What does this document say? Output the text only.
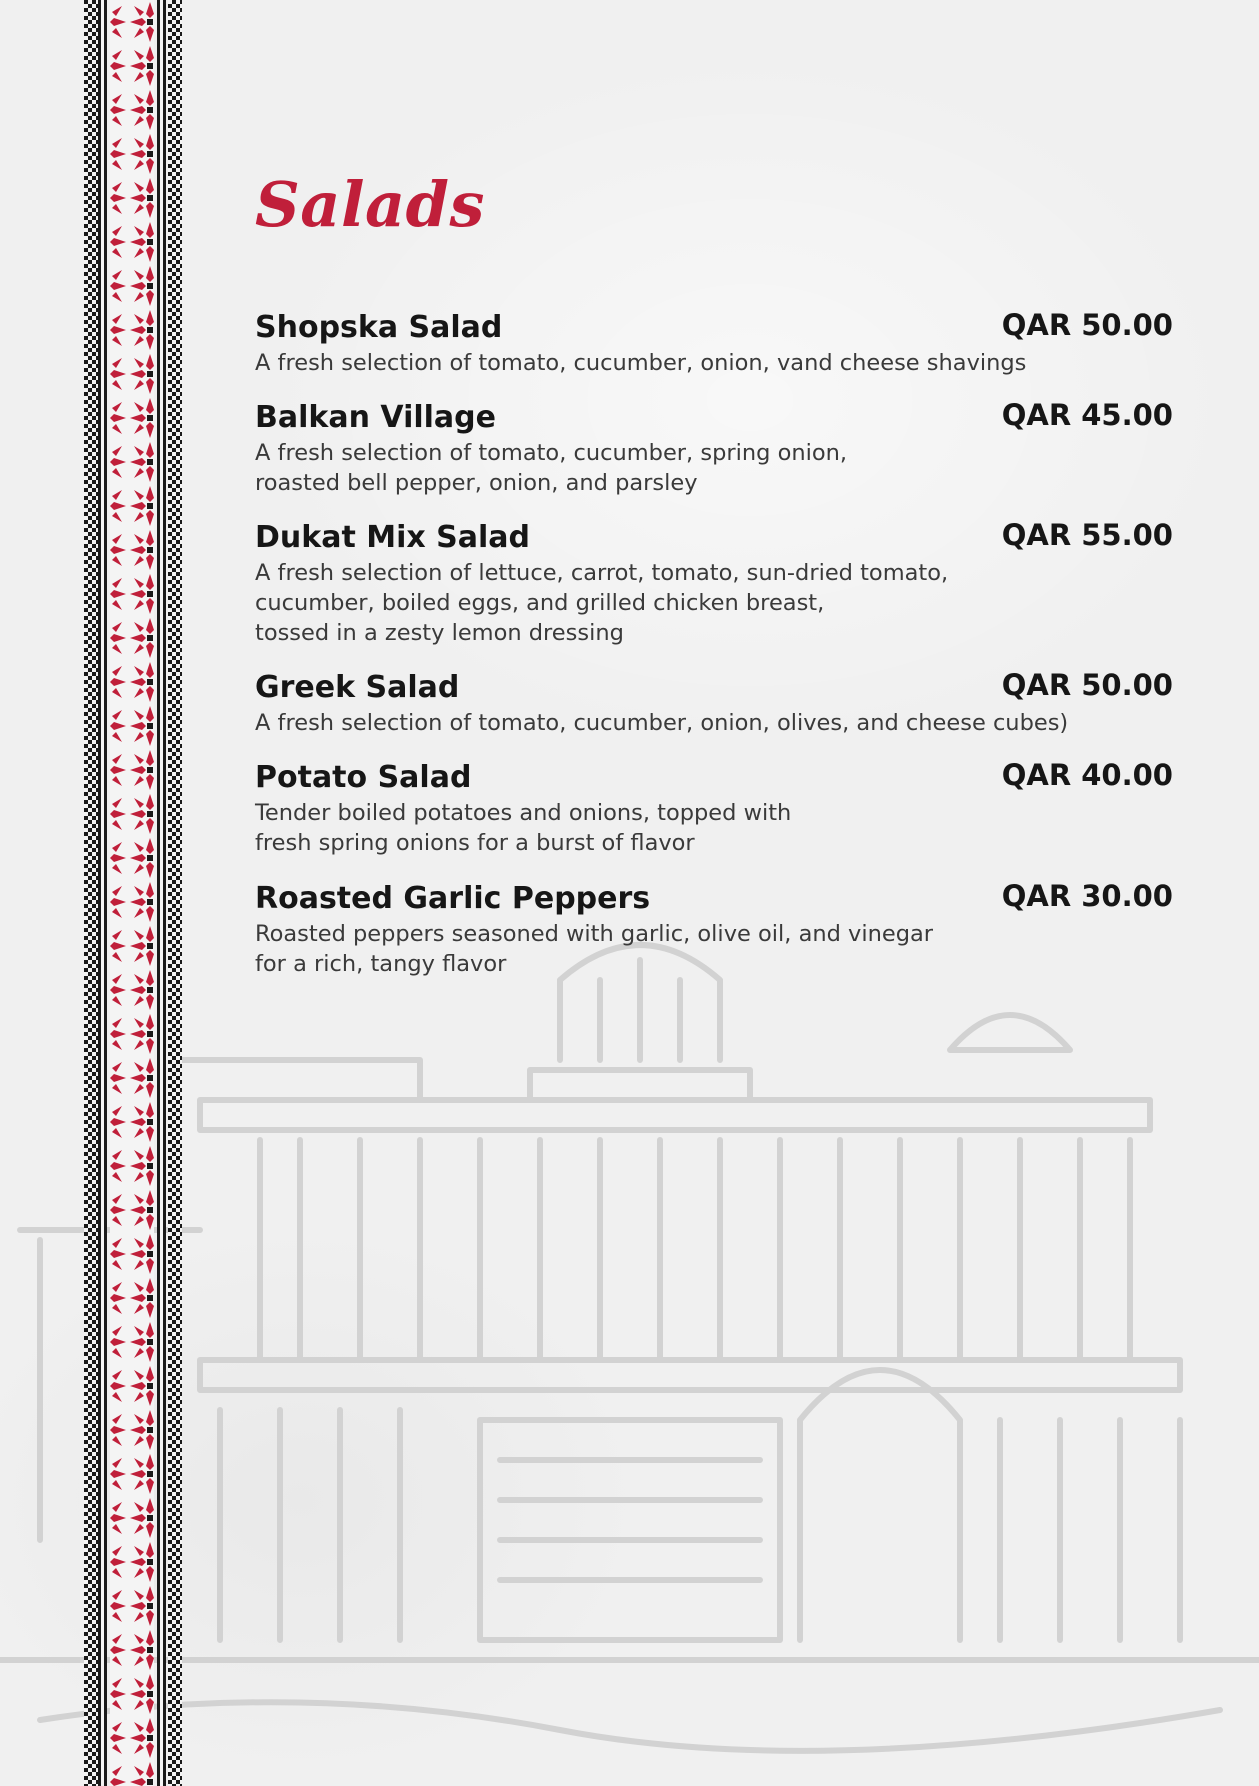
Salads
Shopska Salad	QAR 50.00
A fresh selection of tomato, cucumber, onion, vand cheese shavings
Balkan Village	QAR 45.00
A fresh selection of tomato, cucumber, spring onion,
roasted bell pepper, onion, and parsley
Dukat Mix Salad	QAR 55.00
A fresh selection of lettuce, carrot, tomato, sun-dried tomato,
cucumber, boiled eggs, and grilled chicken breast,
tossed in a zesty lemon dressing
Greek Salad	QAR 50.00
A fresh selection of tomato, cucumber, onion, olives, and cheese cubes)
Potato Salad	QAR 40.00
Tender boiled potatoes and onions, topped with
fresh spring onions for a burst of flavor
Roasted Garlic Peppers	QAR 30.00
Roasted peppers seasoned with garlic, olive oil, and vinegar
for a rich, tangy flavor
